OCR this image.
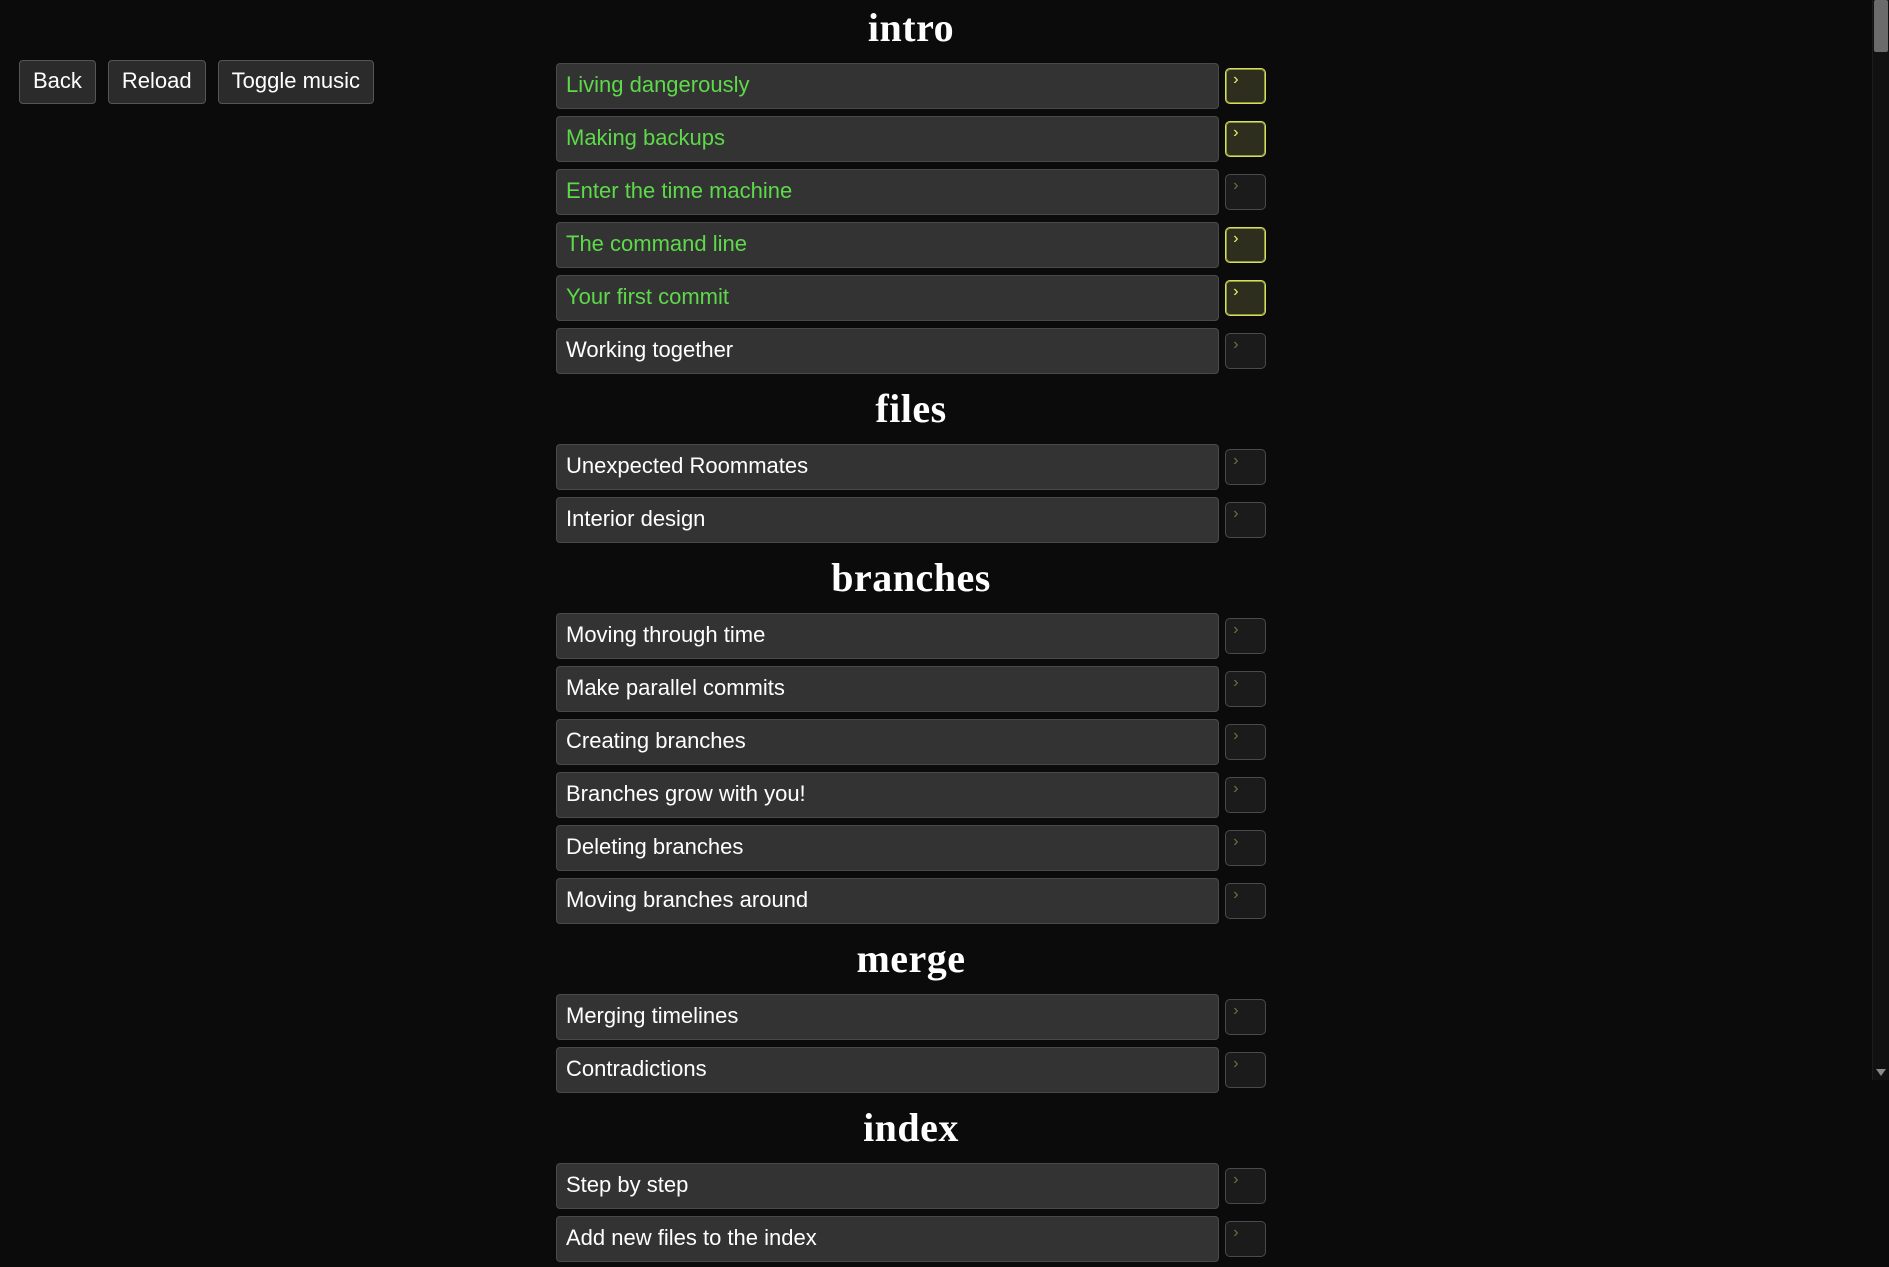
Back	Reload	Toggle music
intro
Living dangerously	›
Making backups	›
Enter the time machine	›
The command line	›
Your first commit	›
Working together	›
files
Unexpected Roommates	›
Interior design	›
branches
Moving through time	›
Make parallel commits	›
Creating branches	›
Branches grow with you!	›
Deleting branches	›
Moving branches around	›
merge
Merging timelines	›
Contradictions	›
index
Step by step	›
Add new files to the index	›
